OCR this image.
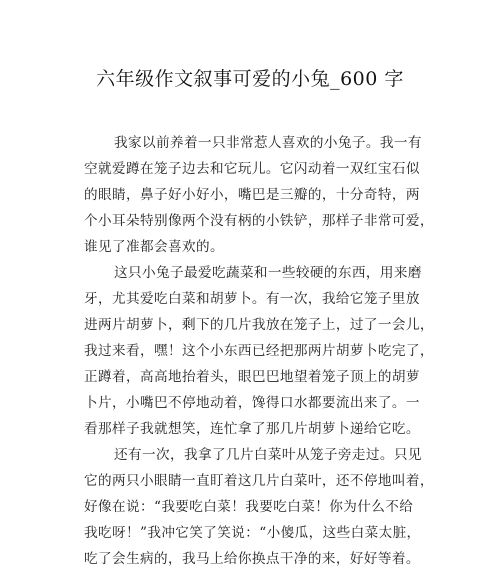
六年级作文叙事可爱的小兔_600 字
我家以前养着一只非常惹人喜欢的小兔子。我一有
空就爱蹲在笼子边去和它玩儿。它闪动着一双红宝石似
的眼睛，鼻子好小好小，嘴巴是三瓣的，十分奇特，两
个小耳朵特别像两个没有柄的小铁铲，那样子非常可爱，
谁见了准都会喜欢的。
这只小兔子最爱吃蔬菜和一些较硬的东西，用来磨
牙，尤其爱吃白菜和胡萝卜。有一次，我给它笼子里放
进两片胡萝卜，剩下的几片我放在笼子上，过了一会儿，
我过来看，嘿！这个小东西已经把那两片胡萝卜吃完了，
正蹲着，高高地抬着头，眼巴巴地望着笼子顶上的胡萝
卜片，小嘴巴不停地动着，馋得口水都要流出来了。一
看那样子我就想笑，连忙拿了那几片胡萝卜递给它吃。
还有一次，我拿了几片白菜叶从笼子旁走过。只见
它的两只小眼睛一直盯着这几片白菜叶，还不停地叫着，
好像在说：“我要吃白菜！我要吃白菜！你为什么不给
我吃呀！”我冲它笑了笑说：“小傻瓜，这些白菜太脏，
吃了会生病的，我马上给你换点干净的来，好好等着。
